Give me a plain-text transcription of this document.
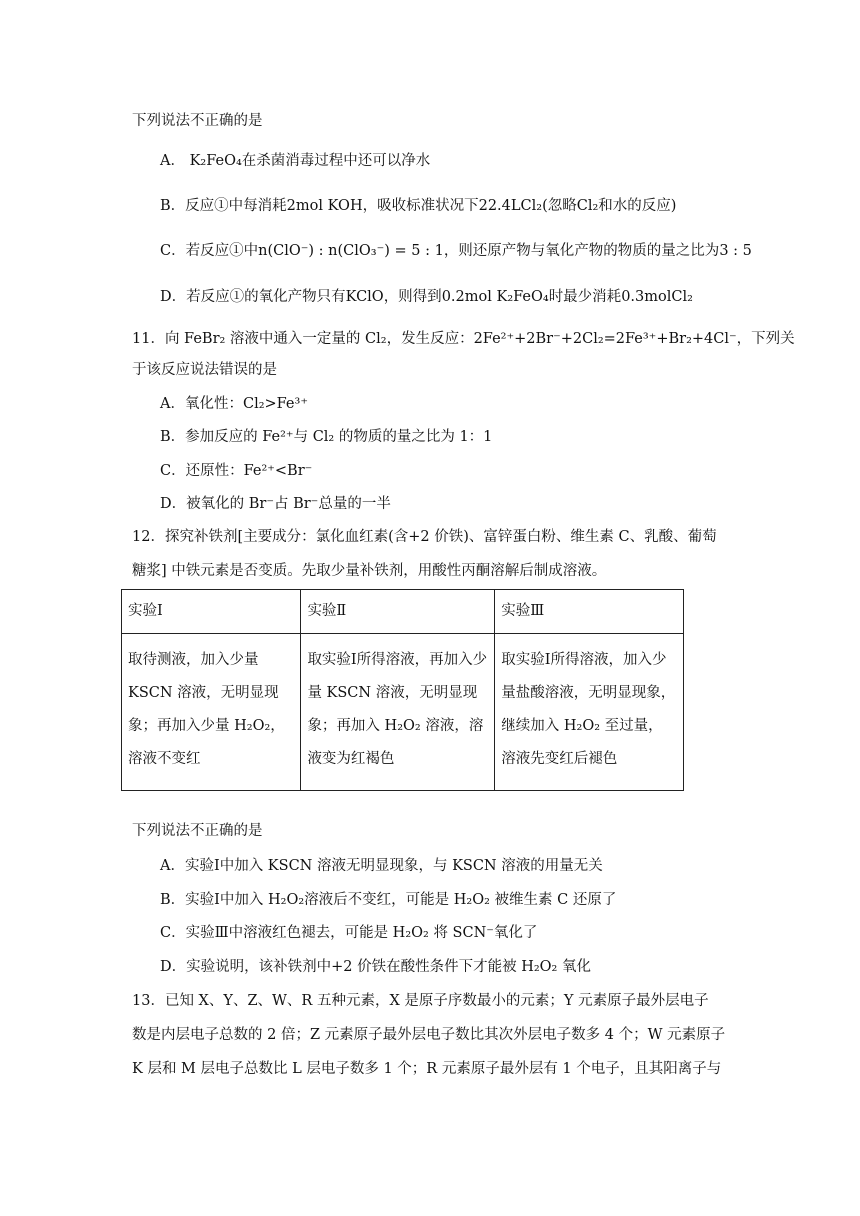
下列说法不正确的是
A． K₂FeO₄在杀菌消毒过程中还可以净水
B．反应①中每消耗2mol KOH，吸收标准状况下22.4LCl₂(忽略Cl₂和水的反应)
C．若反应①中n(ClO⁻) : n(ClO₃⁻) = 5 : 1，则还原产物与氧化产物的物质的量之比为3 : 5
D．若反应①的氧化产物只有KClO，则得到0.2mol K₂FeO₄时最少消耗0.3molCl₂
11．向 FeBr₂ 溶液中通入一定量的 Cl₂，发生反应：2Fe²⁺+2Br⁻+2Cl₂=2Fe³⁺+Br₂+4Cl⁻，下列关
于该反应说法错误的是
A．氧化性：Cl₂>Fe³⁺
B．参加反应的 Fe²⁺与 Cl₂ 的物质的量之比为 1：1
C．还原性：Fe²⁺<Br⁻
D．被氧化的 Br⁻占 Br⁻总量的一半
12．探究补铁剂[主要成分：氯化血红素(含+2 价铁)、富锌蛋白粉、维生素 C、乳酸、葡萄
糖浆] 中铁元素是否变质。先取少量补铁剂，用酸性丙酮溶解后制成溶液。
实验Ⅰ	实验Ⅱ	实验Ⅲ
取待测液，加入少量 KSCN 溶液，无明显现象；再加入少量 H₂O₂，溶液不变红	取实验Ⅰ所得溶液，再加入少量 KSCN 溶液，无明显现象；再加入 H₂O₂ 溶液，溶液变为红褐色	取实验Ⅰ所得溶液，加入少量盐酸溶液，无明显现象，继续加入 H₂O₂ 至过量，溶液先变红后褪色
下列说法不正确的是
A．实验Ⅰ中加入 KSCN 溶液无明显现象，与 KSCN 溶液的用量无关
B．实验Ⅰ中加入 H₂O₂溶液后不变红，可能是 H₂O₂ 被维生素 C 还原了
C．实验Ⅲ中溶液红色褪去，可能是 H₂O₂ 将 SCN⁻氧化了
D．实验说明，该补铁剂中+2 价铁在酸性条件下才能被 H₂O₂ 氧化
13．已知 X、Y、Z、W、R 五种元素，X 是原子序数最小的元素；Y 元素原子最外层电子
数是内层电子总数的 2 倍；Z 元素原子最外层电子数比其次外层电子数多 4 个；W 元素原子
K 层和 M 层电子总数比 L 层电子数多 1 个；R 元素原子最外层有 1 个电子，且其阳离子与
